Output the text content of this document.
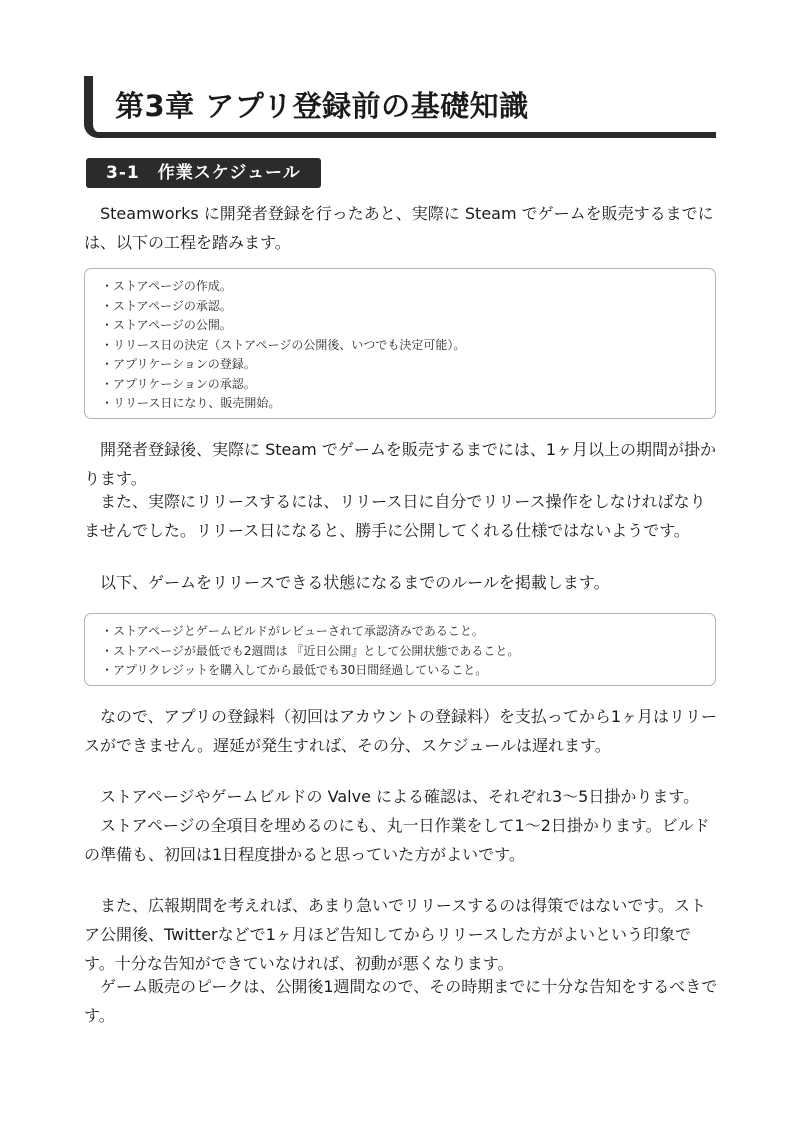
第3章 アプリ登録前の基礎知識
3-1　作業スケジュール

Steamworks に開発者登録を行ったあと、実際に Steam でゲームを販売するまでには、以下の工程を踏みます。

・ストアページの作成。
・ストアページの承認。
・ストアページの公開。
・リリース日の決定（ストアページの公開後、いつでも決定可能）。
・アプリケーションの登録。
・アプリケーションの承認。
・リリース日になり、販売開始。

開発者登録後、実際に Steam でゲームを販売するまでには、1ヶ月以上の期間が掛かります。

また、実際にリリースするには、リリース日に自分でリリース操作をしなければなりませんでした。リリース日になると、勝手に公開してくれる仕様ではないようです。

以下、ゲームをリリースできる状態になるまでのルールを掲載します。

・ストアページとゲームビルドがレビューされて承認済みであること。
・ストアページが最低でも2週間は 『近日公開』として公開状態であること。
・アプリクレジットを購入してから最低でも30日間経過していること。

なので、アプリの登録料（初回はアカウントの登録料）を支払ってから1ヶ月はリリースができません。遅延が発生すれば、その分、スケジュールは遅れます。

ストアページやゲームビルドの Valve による確認は、それぞれ3～5日掛かります。

ストアページの全項目を埋めるのにも、丸一日作業をして1～2日掛かります。ビルドの準備も、初回は1日程度掛かると思っていた方がよいです。

また、広報期間を考えれば、あまり急いでリリースするのは得策ではないです。ストア公開後、Twitterなどで1ヶ月ほど告知してからリリースした方がよいという印象です。十分な告知ができていなければ、初動が悪くなります。

ゲーム販売のピークは、公開後1週間なので、その時期までに十分な告知をするべきです。
